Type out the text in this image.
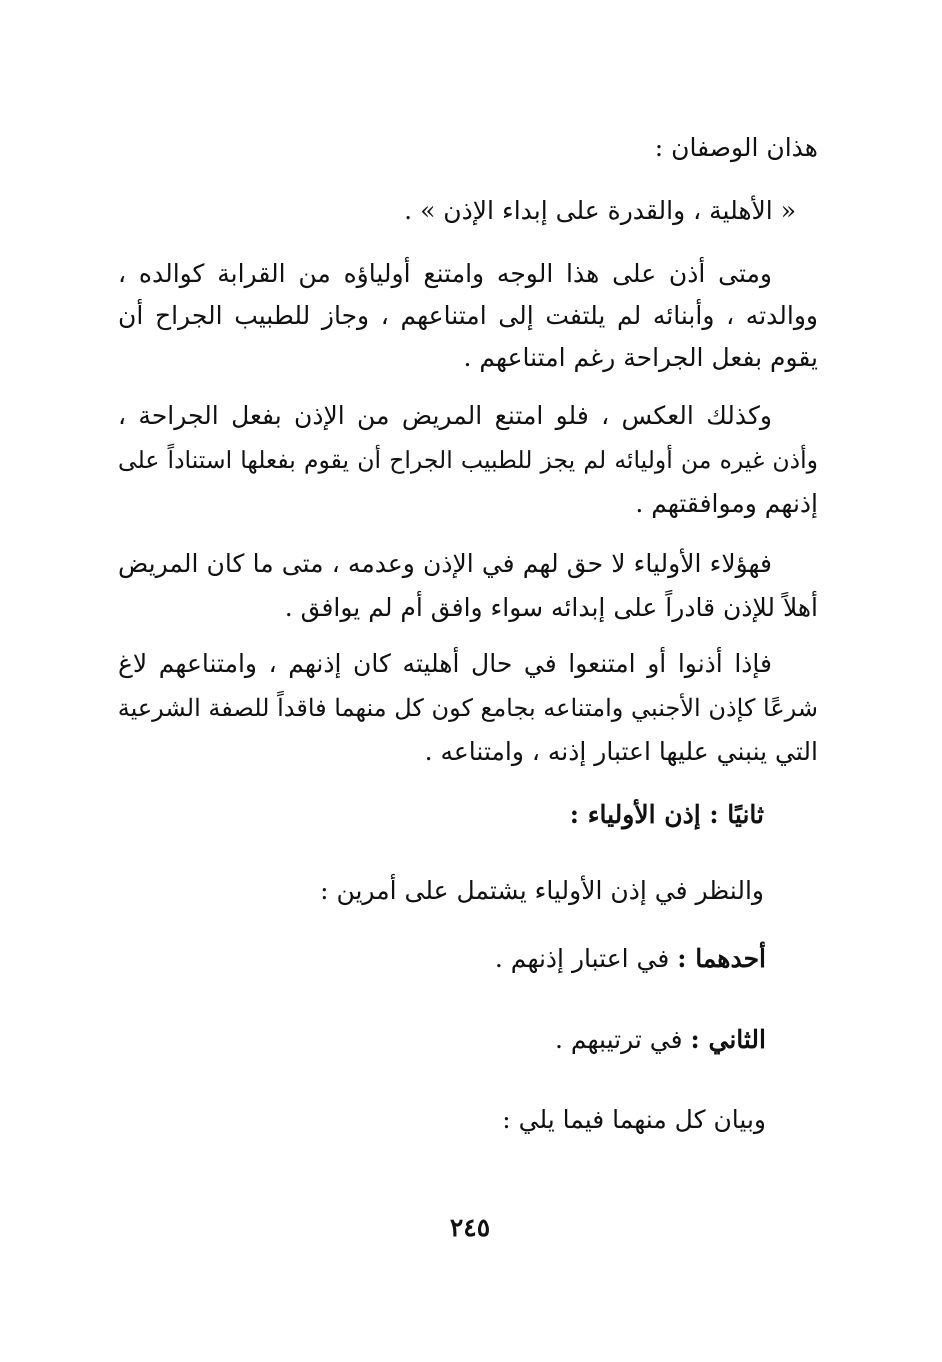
هذان الوصفان :
« الأهلية ، والقدرة على إبداء الإذن » .
ومتى أذن على هذا الوجه وامتنع أولياؤه من القرابة كوالده ،
ووالدته ، وأبنائه لم يلتفت إلى امتناعهم ، وجاز للطبيب الجراح أن
يقوم بفعل الجراحة رغم امتناعهم .
وكذلك العكس ، فلو امتنع المريض من الإذن بفعل الجراحة ،
وأذن غيره من أوليائه لم يجز للطبيب الجراح أن يقوم بفعلها استناداً على
إذنهم وموافقتهم .
فهؤلاء الأولياء لا حق لهم في الإذن وعدمه ، متى ما كان المريض
أهلاً للإذن قادراً على إبدائه سواء وافق أم لم يوافق .
فإذا أذنوا أو امتنعوا في حال أهليته كان إذنهم ، وامتناعهم لاغ
شرعًا كإذن الأجنبي وامتناعه بجامع كون كل منهما فاقداً للصفة الشرعية
التي ينبني عليها اعتبار إذنه ، وامتناعه .
ثانيًا : إذن الأولياء :
والنظر في إذن الأولياء يشتمل على أمرين :
أحدهما : في اعتبار إذنهم .
الثاني : في ترتيبهم .
وبيان كل منهما فيما يلي :
٢٤٥
